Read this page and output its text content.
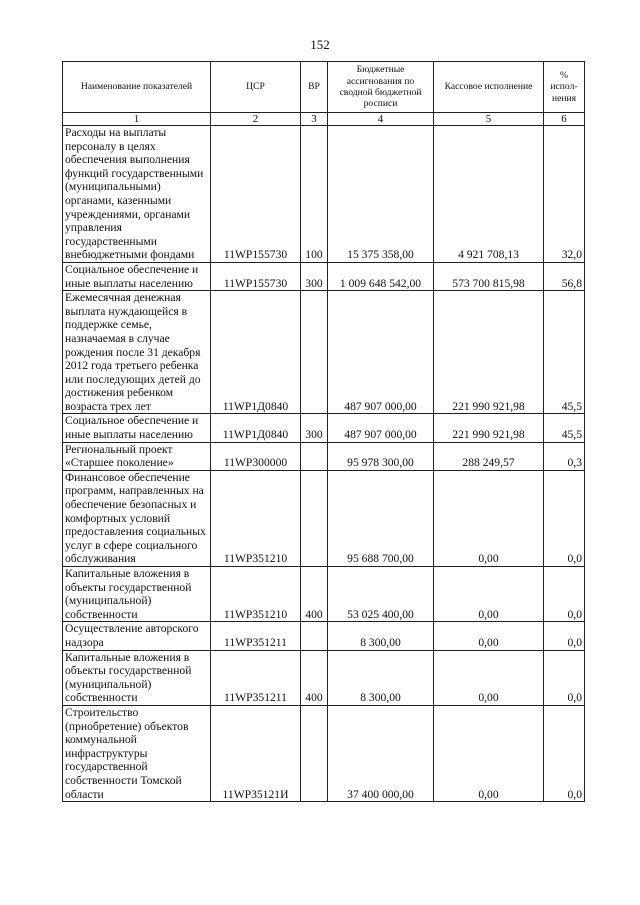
152
Наименование показателей	ЦСР	ВР	Бюджетные ассигнования по сводной бюджетной росписи	Кассовое исполнение	% испол-нения
1	2	3	4	5	6
Расходы на выплаты персоналу в целях обеспечения выполнения функций государственными (муниципальными) органами, казенными учреждениями, органами управления государственными внебюджетными фондами	11WP155730	100	15 375 358,00	4 921 708,13	32,0
Социальное обеспечение и иные выплаты населению	11WP155730	300	1 009 648 542,00	573 700 815,98	56,8
Ежемесячная денежная выплата нуждающейся в поддержке семье, назначаемая в случае рождения после 31 декабря 2012 года третьего ребенка или последующих детей до достижения ребенком возраста трех лет	11WP1Д0840		487 907 000,00	221 990 921,98	45,5
Социальное обеспечение и иные выплаты населению	11WP1Д0840	300	487 907 000,00	221 990 921,98	45,5
Региональный проект «Старшее поколение»	11WP300000		95 978 300,00	288 249,57	0,3
Финансовое обеспечение программ, направленных на обеспечение безопасных и комфортных условий предоставления социальных услуг в сфере социального обслуживания	11WP351210		95 688 700,00	0,00	0,0
Капитальные вложения в объекты государственной (муниципальной) собственности	11WP351210	400	53 025 400,00	0,00	0,0
Осуществление авторского надзора	11WP351211		8 300,00	0,00	0,0
Капитальные вложения в объекты государственной (муниципальной) собственности	11WP351211	400	8 300,00	0,00	0,0
Строительство (приобретение) объектов коммунальной инфраструктуры государственной собственности Томской области	11WP35121И		37 400 000,00	0,00	0,0
